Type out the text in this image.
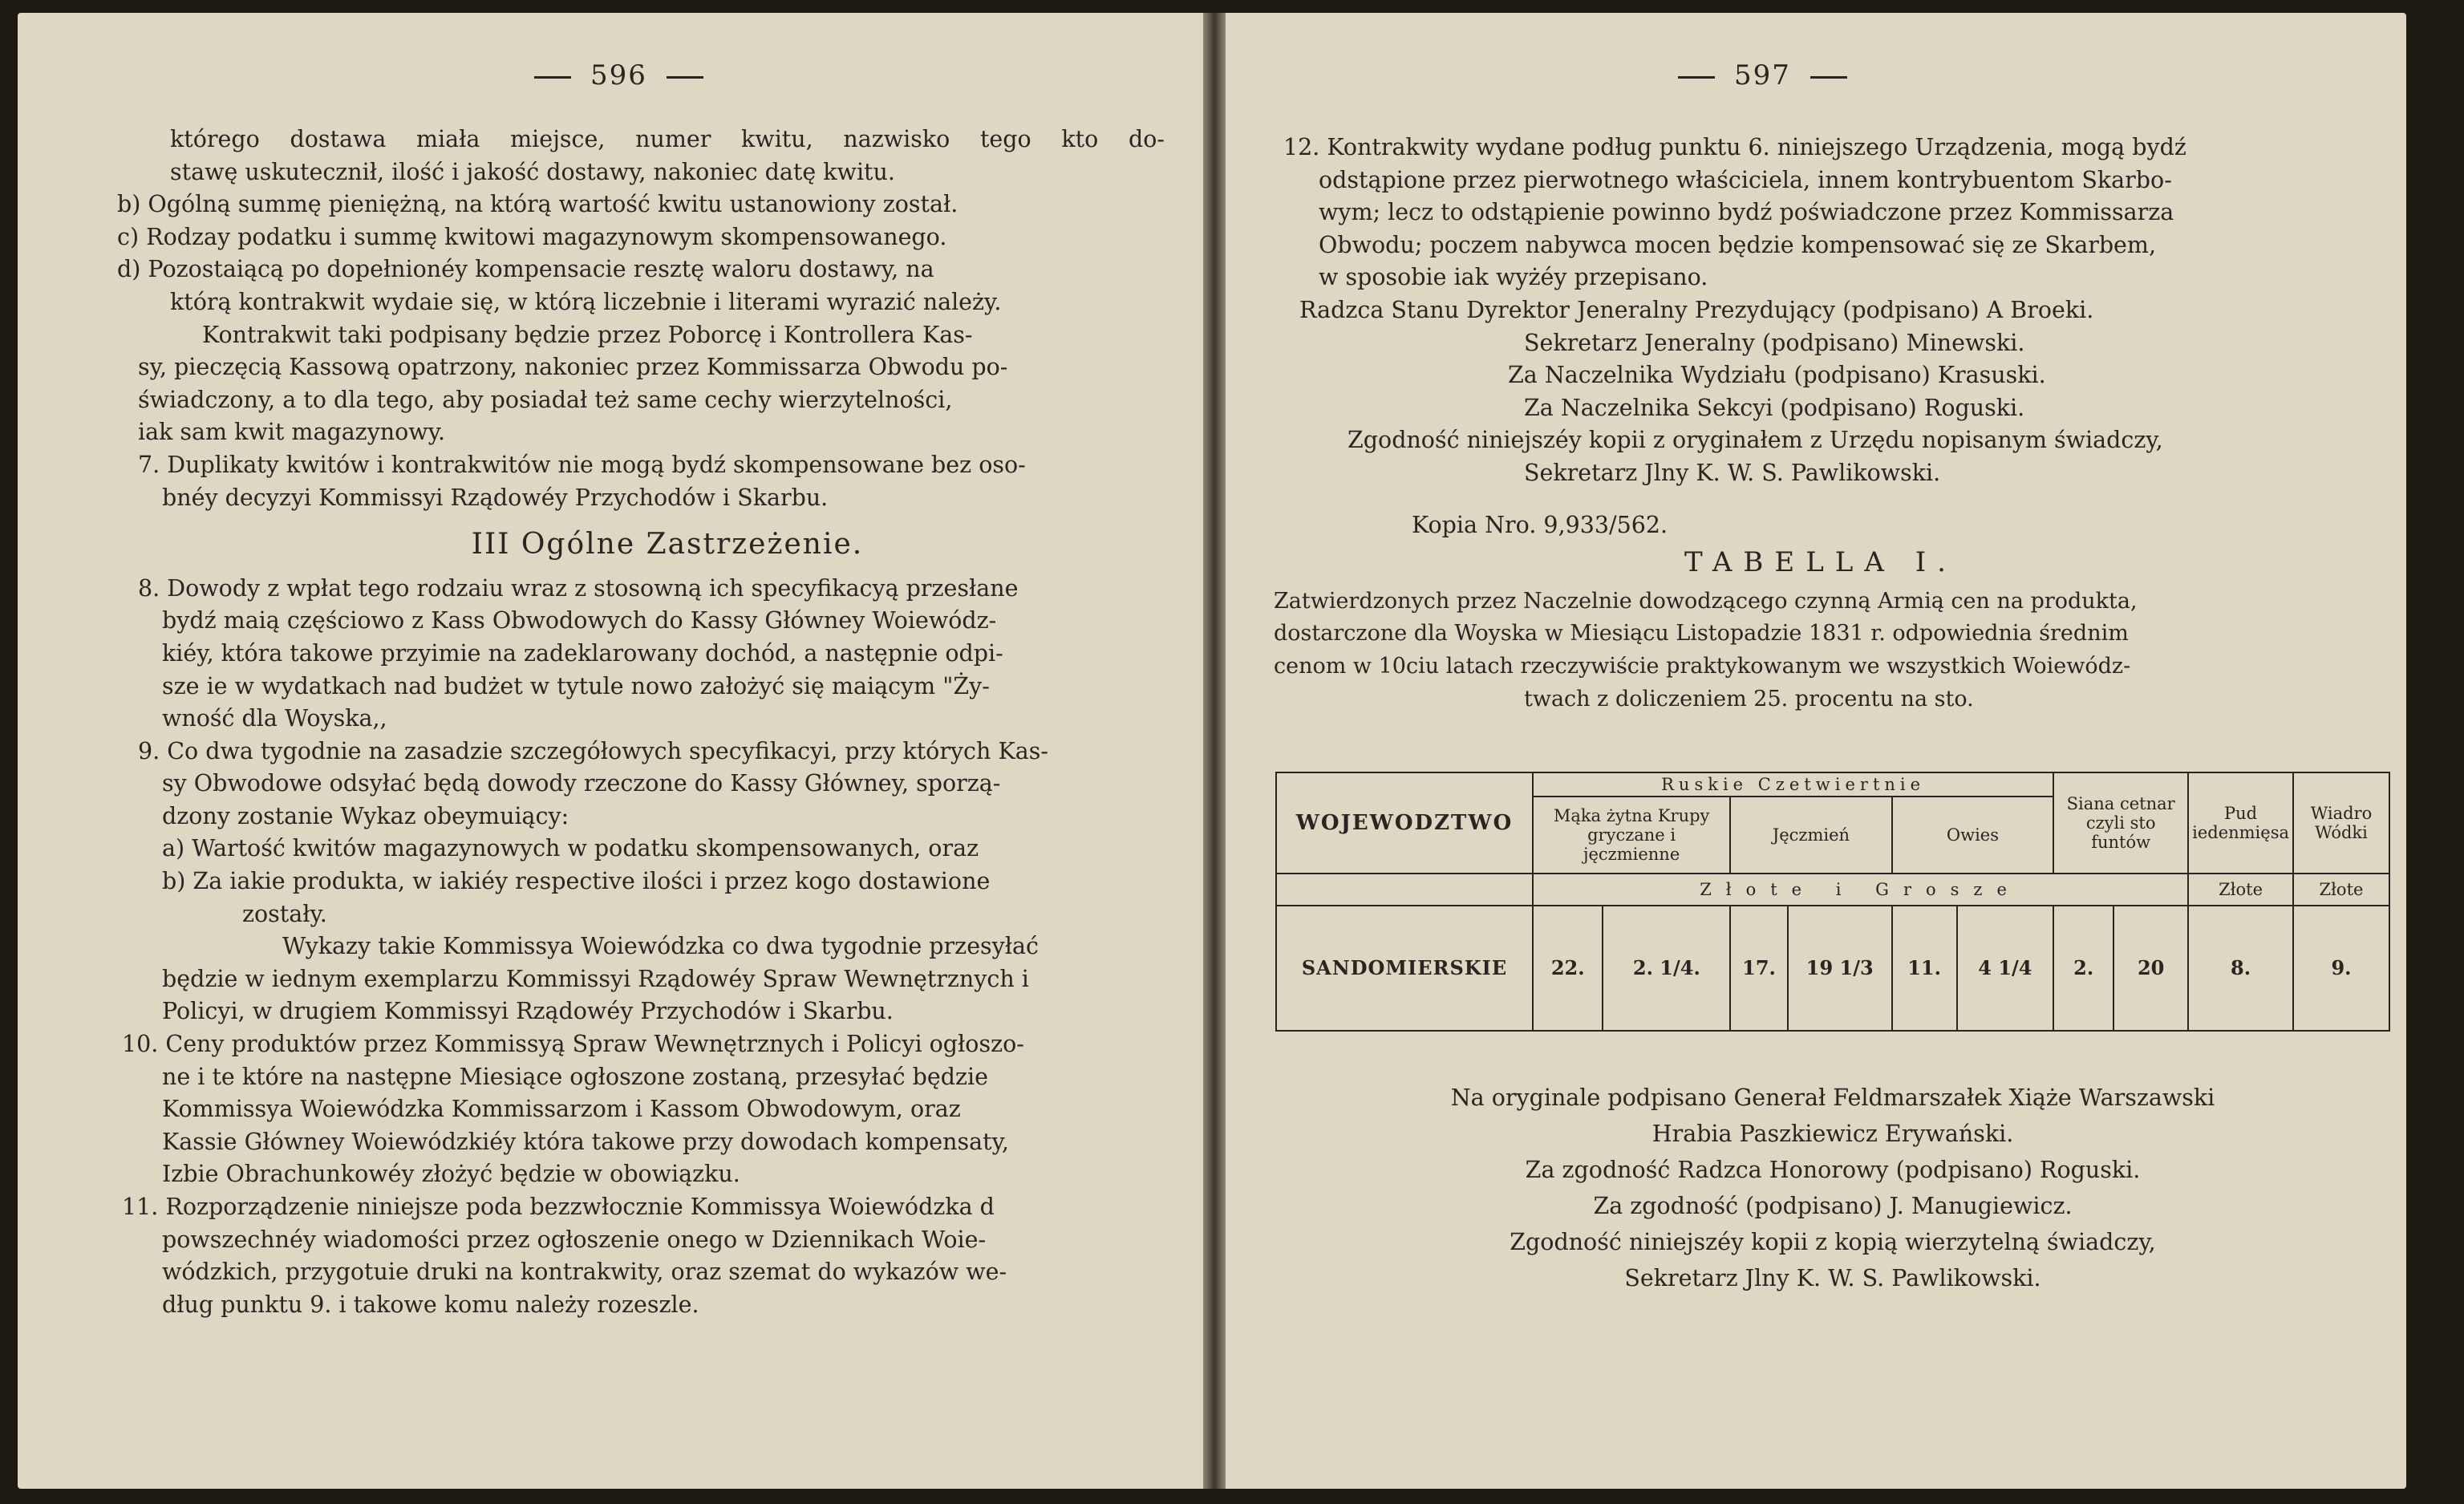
596
którego dostawa miała miejsce, numer kwitu, nazwisko tego kto do-
stawę uskutecznił, ilość i jakość dostawy, nakoniec datę kwitu.
b) Ogólną summę pieniężną, na którą wartość kwitu ustanowiony został.
c) Rodzay podatku i summę kwitowi magazynowym skompensowanego.
d) Pozostaiącą po dopełnionéy kompensacie resztę waloru dostawy, na
którą kontrakwit wydaie się, w którą liczebnie i literami wyrazić należy.
Kontrakwit taki podpisany będzie przez Poborcę i Kontrollera Kas-
sy, pieczęcią Kassową opatrzony, nakoniec przez Kommissarza Obwodu po-
świadczony, a to dla tego, aby posiadał też same cechy wierzytelności,
iak sam kwit magazynowy.
7. Duplikaty kwitów i kontrakwitów nie mogą bydź skompensowane bez oso-
bnéy decyzyi Kommissyi Rządowéy Przychodów i Skarbu.
III Ogólne Zastrzeżenie.
8. Dowody z wpłat tego rodzaiu wraz z stosowną ich specyfikacyą przesłane
bydź maią częściowo z Kass Obwodowych do Kassy Główney Woiewódz-
kiéy, która takowe przyimie na zadeklarowany dochód, a następnie odpi-
sze ie w wydatkach nad budżet w tytule nowo założyć się maiącym "Ży-
wność dla Woyska,,
9. Co dwa tygodnie na zasadzie szczegółowych specyfikacyi, przy których Kas-
sy Obwodowe odsyłać będą dowody rzeczone do Kassy Główney, sporzą-
dzony zostanie Wykaz obeymuiący:
a) Wartość kwitów magazynowych w podatku skompensowanych, oraz
b) Za iakie produkta, w iakiéy respective ilości i przez kogo dostawione
zostały.
Wykazy takie Kommissya Woiewódzka co dwa tygodnie przesyłać
będzie w iednym exemplarzu Kommissyi Rządowéy Spraw Wewnętrznych i
Policyi, w drugiem Kommissyi Rządowéy Przychodów i Skarbu.
10. Ceny produktów przez Kommissyą Spraw Wewnętrznych i Policyi ogłoszo-
ne i te które na następne Miesiące ogłoszone zostaną, przesyłać będzie
Kommissya Woiewódzka Kommissarzom i Kassom Obwodowym, oraz
Kassie Główney Woiewódzkiéy która takowe przy dowodach kompensaty,
Izbie Obrachunkowéy złożyć będzie w obowiązku.
11. Rozporządzenie niniejsze poda bezzwłocznie Kommissya Woiewódzka d
powszechnéy wiadomości przez ogłoszenie onego w Dziennikach Woie-
wódzkich, przygotuie druki na kontrakwity, oraz szemat do wykazów we-
dług punktu 9. i takowe komu należy rozeszle.
597
12. Kontrakwity wydane podług punktu 6. niniejszego Urządzenia, mogą bydź
odstąpione przez pierwotnego właściciela, innem kontrybuentom Skarbo-
wym; lecz to odstąpienie powinno bydź poświadczone przez Kommissarza
Obwodu; poczem nabywca mocen będzie kompensować się ze Skarbem,
w sposobie iak wyżéy przepisano.
Radzca Stanu Dyrektor Jeneralny Prezydujący (podpisano) A Broeki.
Sekretarz Jeneralny (podpisano) Minewski.
Za Naczelnika Wydziału (podpisano) Krasuski.
Za Naczelnika Sekcyi (podpisano) Roguski.
Zgodność niniejszéy kopii z oryginałem z Urzędu nopisanym świadczy,
Sekretarz Jlny K. W. S. Pawlikowski.
Kopia Nro. 9,933/562.
TABELLA I.
Zatwierdzonych przez Naczelnie dowodzącego czynną Armią cen na produkta,
dostarczone dla Woyska w Miesiącu Listopadzie 1831 r. odpowiednia średnim
cenom w 10ciu latach rzeczywiście praktykowanym we wszystkich Woiewódz-
twach z doliczeniem 25. procentu na sto.
WOJEWODZTWO	Ruskie Czetwiertnie						Siana cetnar czyli sto funtów		Pud iedenmięsa	Wiadro Wódki
	Mąka żytna Krupy gryczane i jęczmienne		Jęczmień		Owies					
	Złote i Grosze								Złote	Złote
SANDOMIERSKIE	22.	2. 1/4.	17.	19 1/3	11.	4 1/4	2.	20	8.	9.
Na oryginale podpisano Generał Feldmarszałek Xiąże Warszawski
Hrabia Paszkiewicz Erywański.
Za zgodność Radzca Honorowy (podpisano) Roguski.
Za zgodność (podpisano) J. Manugiewicz.
Zgodność niniejszéy kopii z kopią wierzytelną świadczy,
Sekretarz Jlny K. W. S. Pawlikowski.
